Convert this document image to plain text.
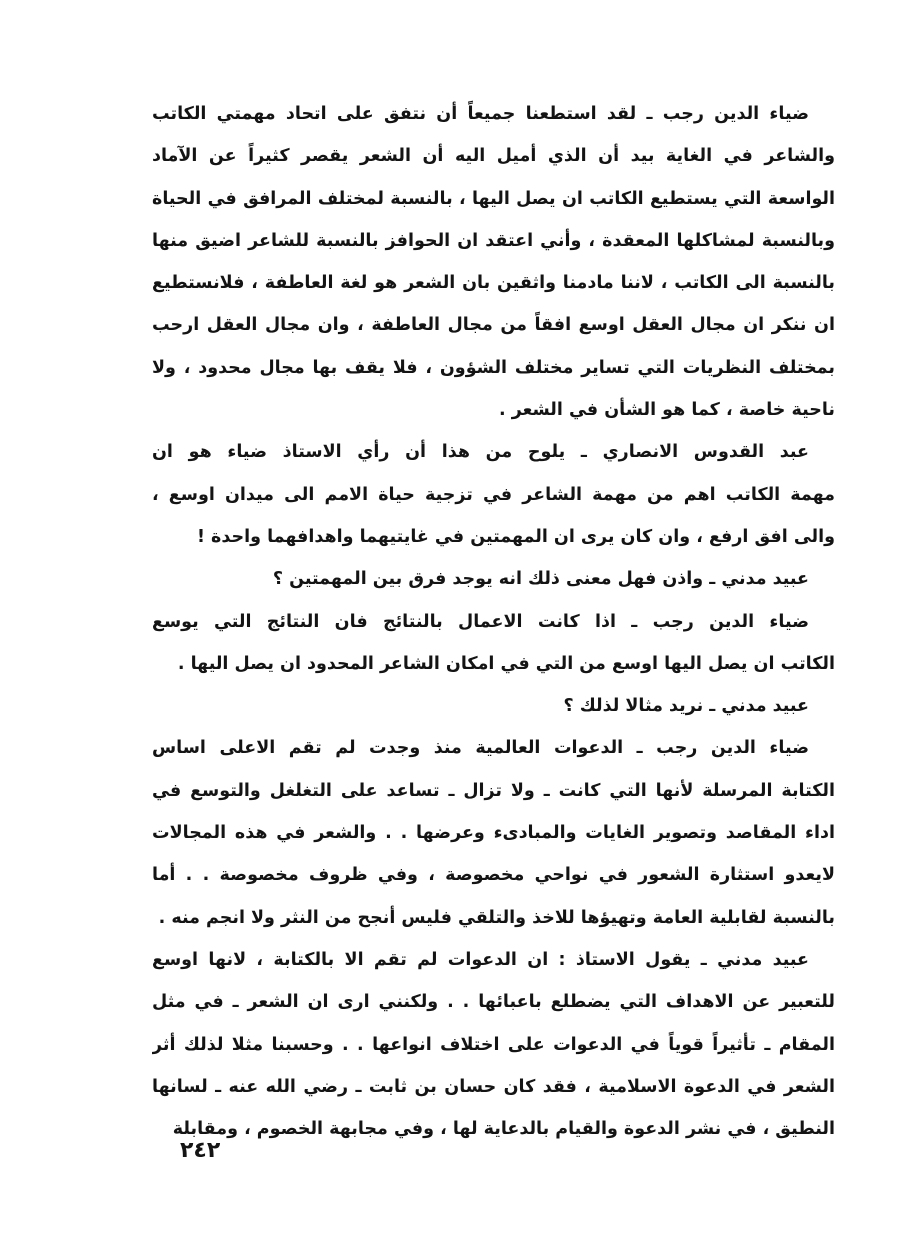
ضياء الدين رجب ـ لقد استطعنا جميعاً أن نتفق على اتحاد مهمتي الكاتب
والشاعر في الغاية بيد أن الذي أميل اليه أن الشعر يقصر كثيراً عن الآماد
الواسعة التي يستطيع الكاتب ان يصل اليها ، بالنسبة لمختلف المرافق في الحياة
وبالنسبة لمشاكلها المعقدة ، وأني اعتقد ان الحوافز بالنسبة للشاعر اضيق منها
بالنسبة الى الكاتب ، لاننا مادمنا واثقين بان الشعر هو لغة العاطفة ، فلانستطيع
ان ننكر ان مجال العقل اوسع افقاً من مجال العاطفة ، وان مجال العقل ارحب
بمختلف النظريات التي تساير مختلف الشؤون ، فلا يقف بها مجال محدود ، ولا
ناحية خاصة ، كما هو الشأن في الشعر .
عبد القدوس الانصاري ـ يلوح من هذا أن رأي الاستاذ ضياء هو ان
مهمة الكاتب اهم من مهمة الشاعر في تزجية حياة الامم الى ميدان اوسع ،
والى افق ارفع ، وان كان يرى ان المهمتين في غايتيهما واهدافهما واحدة !
عبيد مدني ـ واذن فهل معنى ذلك انه يوجد فرق بين المهمتين ؟
ضياء الدين رجب ـ اذا كانت الاعمال بالنتائج فان النتائج التي يوسع
الكاتب ان يصل اليها اوسع من التي في امكان الشاعر المحدود ان يصل اليها .
عبيد مدني ـ نريد مثالا لذلك ؟
ضياء الدين رجب ـ الدعوات العالمية منذ وجدت لم تقم الاعلى اساس
الكتابة المرسلة لأنها التي كانت ـ ولا تزال ـ تساعد على التغلغل والتوسع في
اداء المقاصد وتصوير الغايات والمبادىء وعرضها . . والشعر في هذه المجالات
لايعدو استثارة الشعور في نواحي مخصوصة ، وفي ظروف مخصوصة . . أما
بالنسبة لقابلية العامة وتهيؤها للاخذ والتلقي فليس أنجح من النثر ولا انجم منه .
عبيد مدني ـ يقول الاستاذ : ان الدعوات لم تقم الا بالكتابة ، لانها اوسع
للتعبير عن الاهداف التي يضطلع باعبائها . . ولكنني ارى ان الشعر ـ في مثل
المقام ـ تأثيراً قوياً في الدعوات على اختلاف انواعها . . وحسبنا مثلا لذلك أثر
الشعر في الدعوة الاسلامية ، فقد كان حسان بن ثابت ـ رضي الله عنه ـ لسانها
النطيق ، في نشر الدعوة والقيام بالدعاية لها ، وفي مجابهة الخصوم ، ومقابلة
٢٤٢
